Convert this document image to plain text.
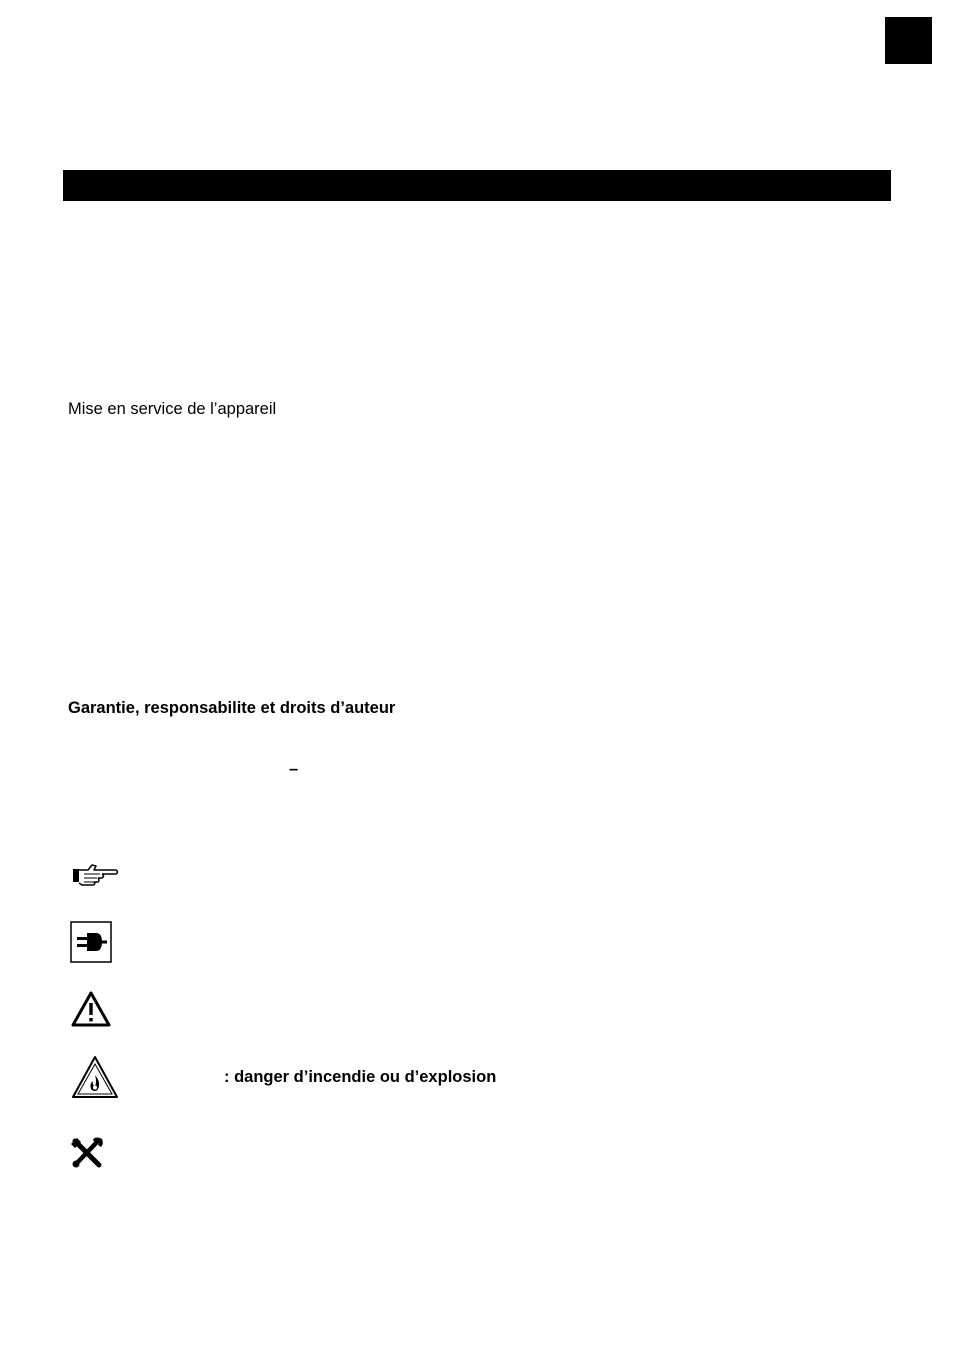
Mise en service de l’appareil
Garantie, responsabilite et droits d’auteur
–
: danger d’incendie ou d’explosion
